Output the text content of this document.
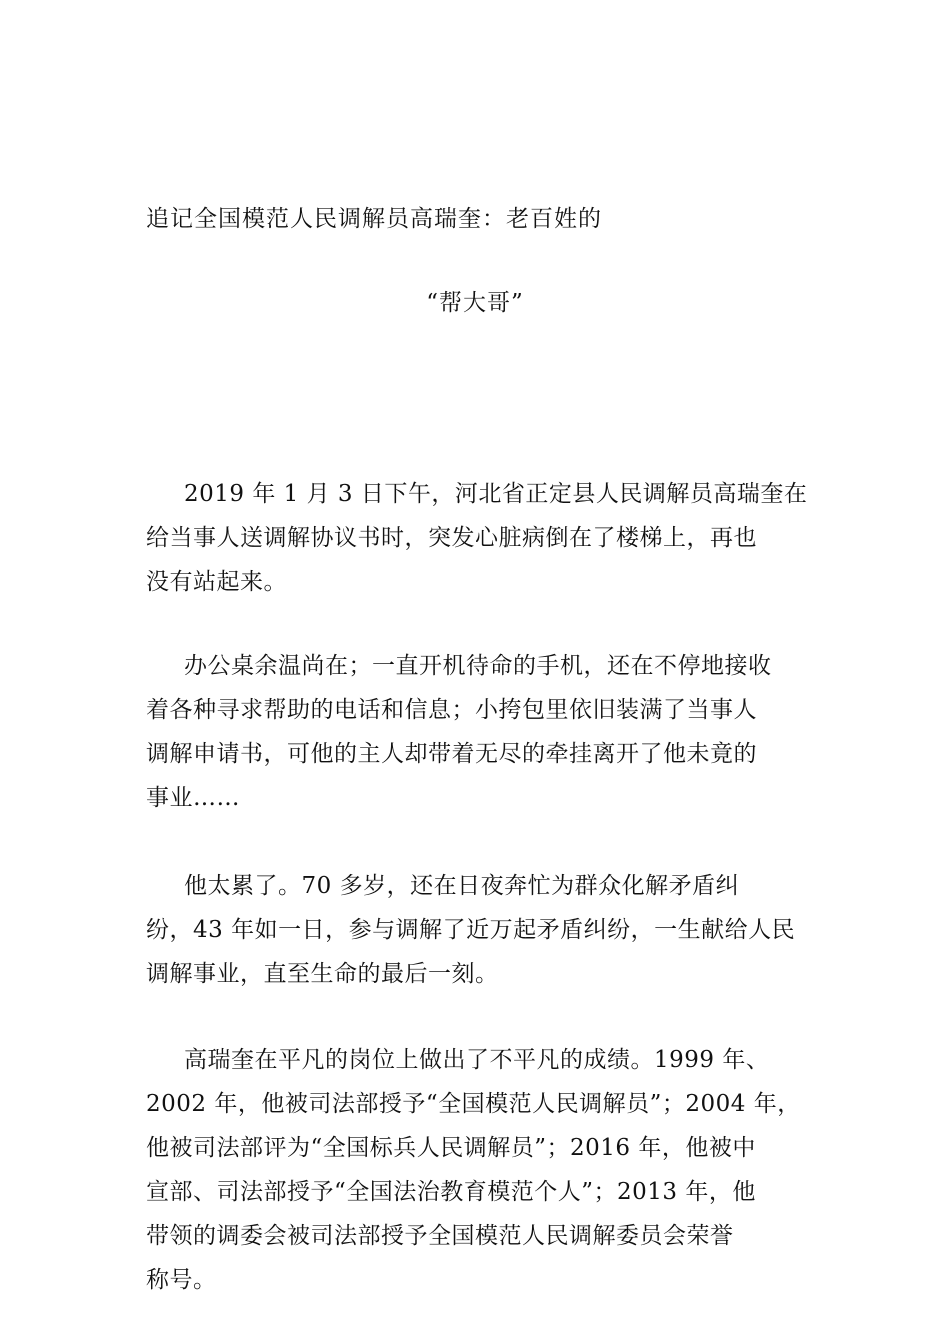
追记全国模范人民调解员高瑞奎：老百姓的
“帮大哥”
2019 年 1 月 3 日下午，河北省正定县人民调解员高瑞奎在
给当事人送调解协议书时，突发心脏病倒在了楼梯上，再也
没有站起来。
办公桌余温尚在；一直开机待命的手机，还在不停地接收
着各种寻求帮助的电话和信息；小挎包里依旧装满了当事人
调解申请书，可他的主人却带着无尽的牵挂离开了他未竟的
事业……
他太累了。70 多岁，还在日夜奔忙为群众化解矛盾纠
纷，43 年如一日，参与调解了近万起矛盾纠纷，一生献给人民
调解事业，直至生命的最后一刻。
高瑞奎在平凡的岗位上做出了不平凡的成绩。1999 年、
2002 年，他被司法部授予“全国模范人民调解员”；2004 年，
他被司法部评为“全国标兵人民调解员”；2016 年，他被中
宣部、司法部授予“全国法治教育模范个人”；2013 年，他
带领的调委会被司法部授予全国模范人民调解委员会荣誉
称号。
